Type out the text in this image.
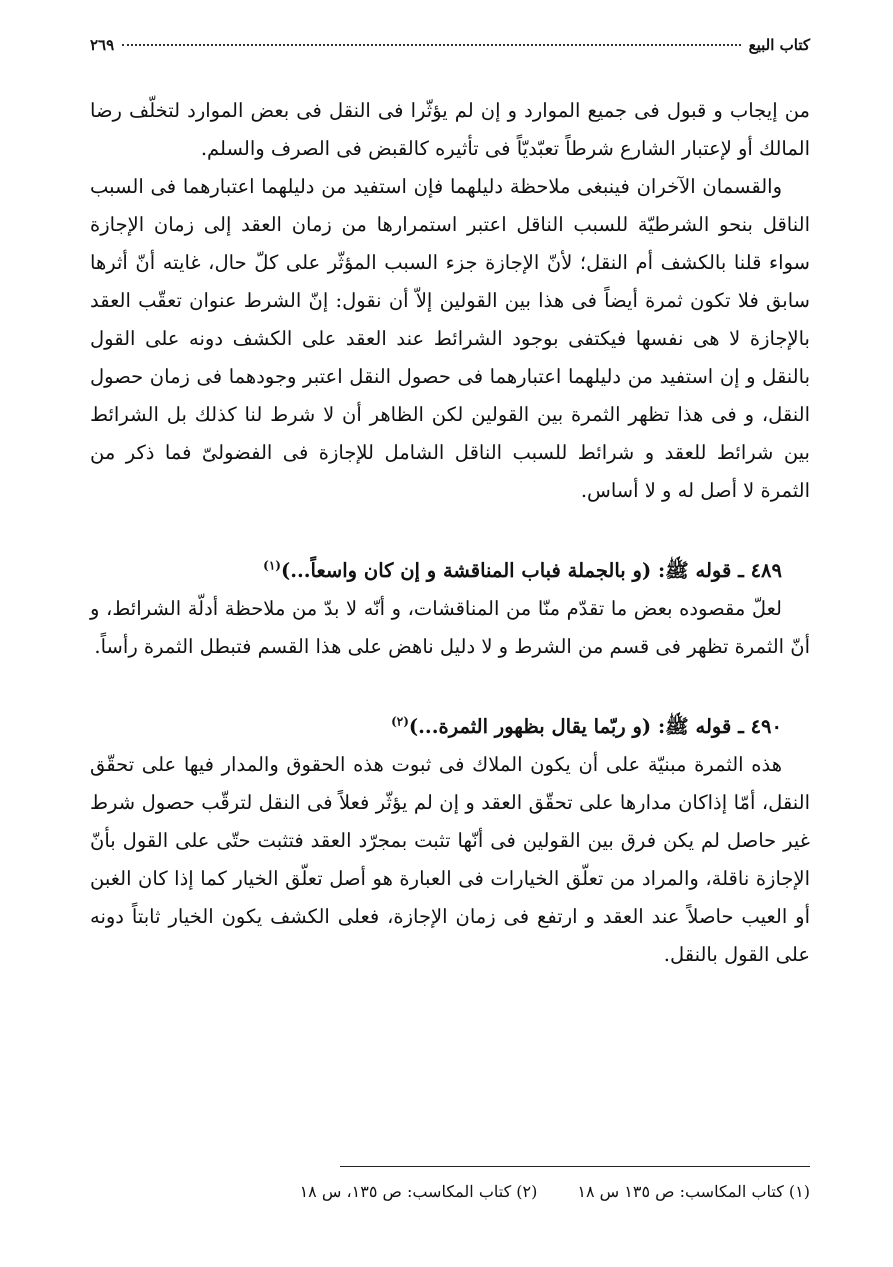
كتاب البيع
٢٦٩

من إيجاب و قبول فى جميع الموارد و إن لم يؤثّرا فى النقل فى بعض الموارد لتخلّف رضا المالك أو لإعتبار الشارع شرطاً تعبّديّاً فى تأثيره كالقبض فى الصرف والسلم.

والقسمان الآخران فينبغى ملاحظة دليلهما فإن استفيد من دليلهما اعتبارهما فى السبب الناقل بنحو الشرطيّة للسبب الناقل اعتبر استمرارها من زمان العقد إلى زمان الإجازة سواء قلنا بالكشف أم النقل؛ لأنّ الإجازة جزء السبب المؤثّر على كلّ حال، غايته أنّ أثرها سابق فلا تكون ثمرة أيضاً فى هذا بين القولين إلاّ أن نقول: إنّ الشرط عنوان تعقّب العقد بالإجازة لا هى نفسها فيكتفى بوجود الشرائط عند العقد على الكشف دونه على القول بالنقل و إن استفيد من دليلهما اعتبارهما فى حصول النقل اعتبر وجودهما فى زمان حصول النقل، و فى هذا تظهر الثمرة بين القولين لكن الظاهر أن لا شرط لنا كذلك بل الشرائط بين شرائط للعقد و شرائط للسبب الناقل الشامل للإجازة فى الفضولىّ فما ذكر من الثمرة لا أصل له و لا أساس.

٤٨٩ ـ قوله ﷺ: (و بالجملة فباب المناقشة و إن كان واسعاً...)$^{(١)}$

لعلّ مقصوده بعض ما تقدّم منّا من المناقشات، و أنّه لا بدّ من ملاحظة أدلّة الشرائط، و أنّ الثمرة تظهر فى قسم من الشرط و لا دليل ناهض على هذا القسم فتبطل الثمرة رأساً.

٤٩٠ ـ قوله ﷺ: (و ربّما يقال بظهور الثمرة...)$^{(٢)}$

هذه الثمرة مبنيّة على أن يكون الملاك فى ثبوت هذه الحقوق والمدار فيها على تحقّق النقل، أمّا إذاكان مدارها على تحقّق العقد و إن لم يؤثّر فعلاً فى النقل لترقّب حصول شرط غير حاصل لم يكن فرق بين القولين فى أنّها تثبت بمجرّد العقد فتثبت حتّى على القول بأنّ الإجازة ناقلة، والمراد من تعلّق الخيارات فى العبارة هو أصل تعلّق الخيار كما إذا كان الغبن أو العيب حاصلاً عند العقد و ارتفع فى زمان الإجازة، فعلى الكشف يكون الخيار ثابتاً دونه على القول بالنقل.

(١) كتاب المكاسب: ص ١٣٥ س ١٨
(٢) كتاب المكاسب: ص ١٣٥، س ١٨
